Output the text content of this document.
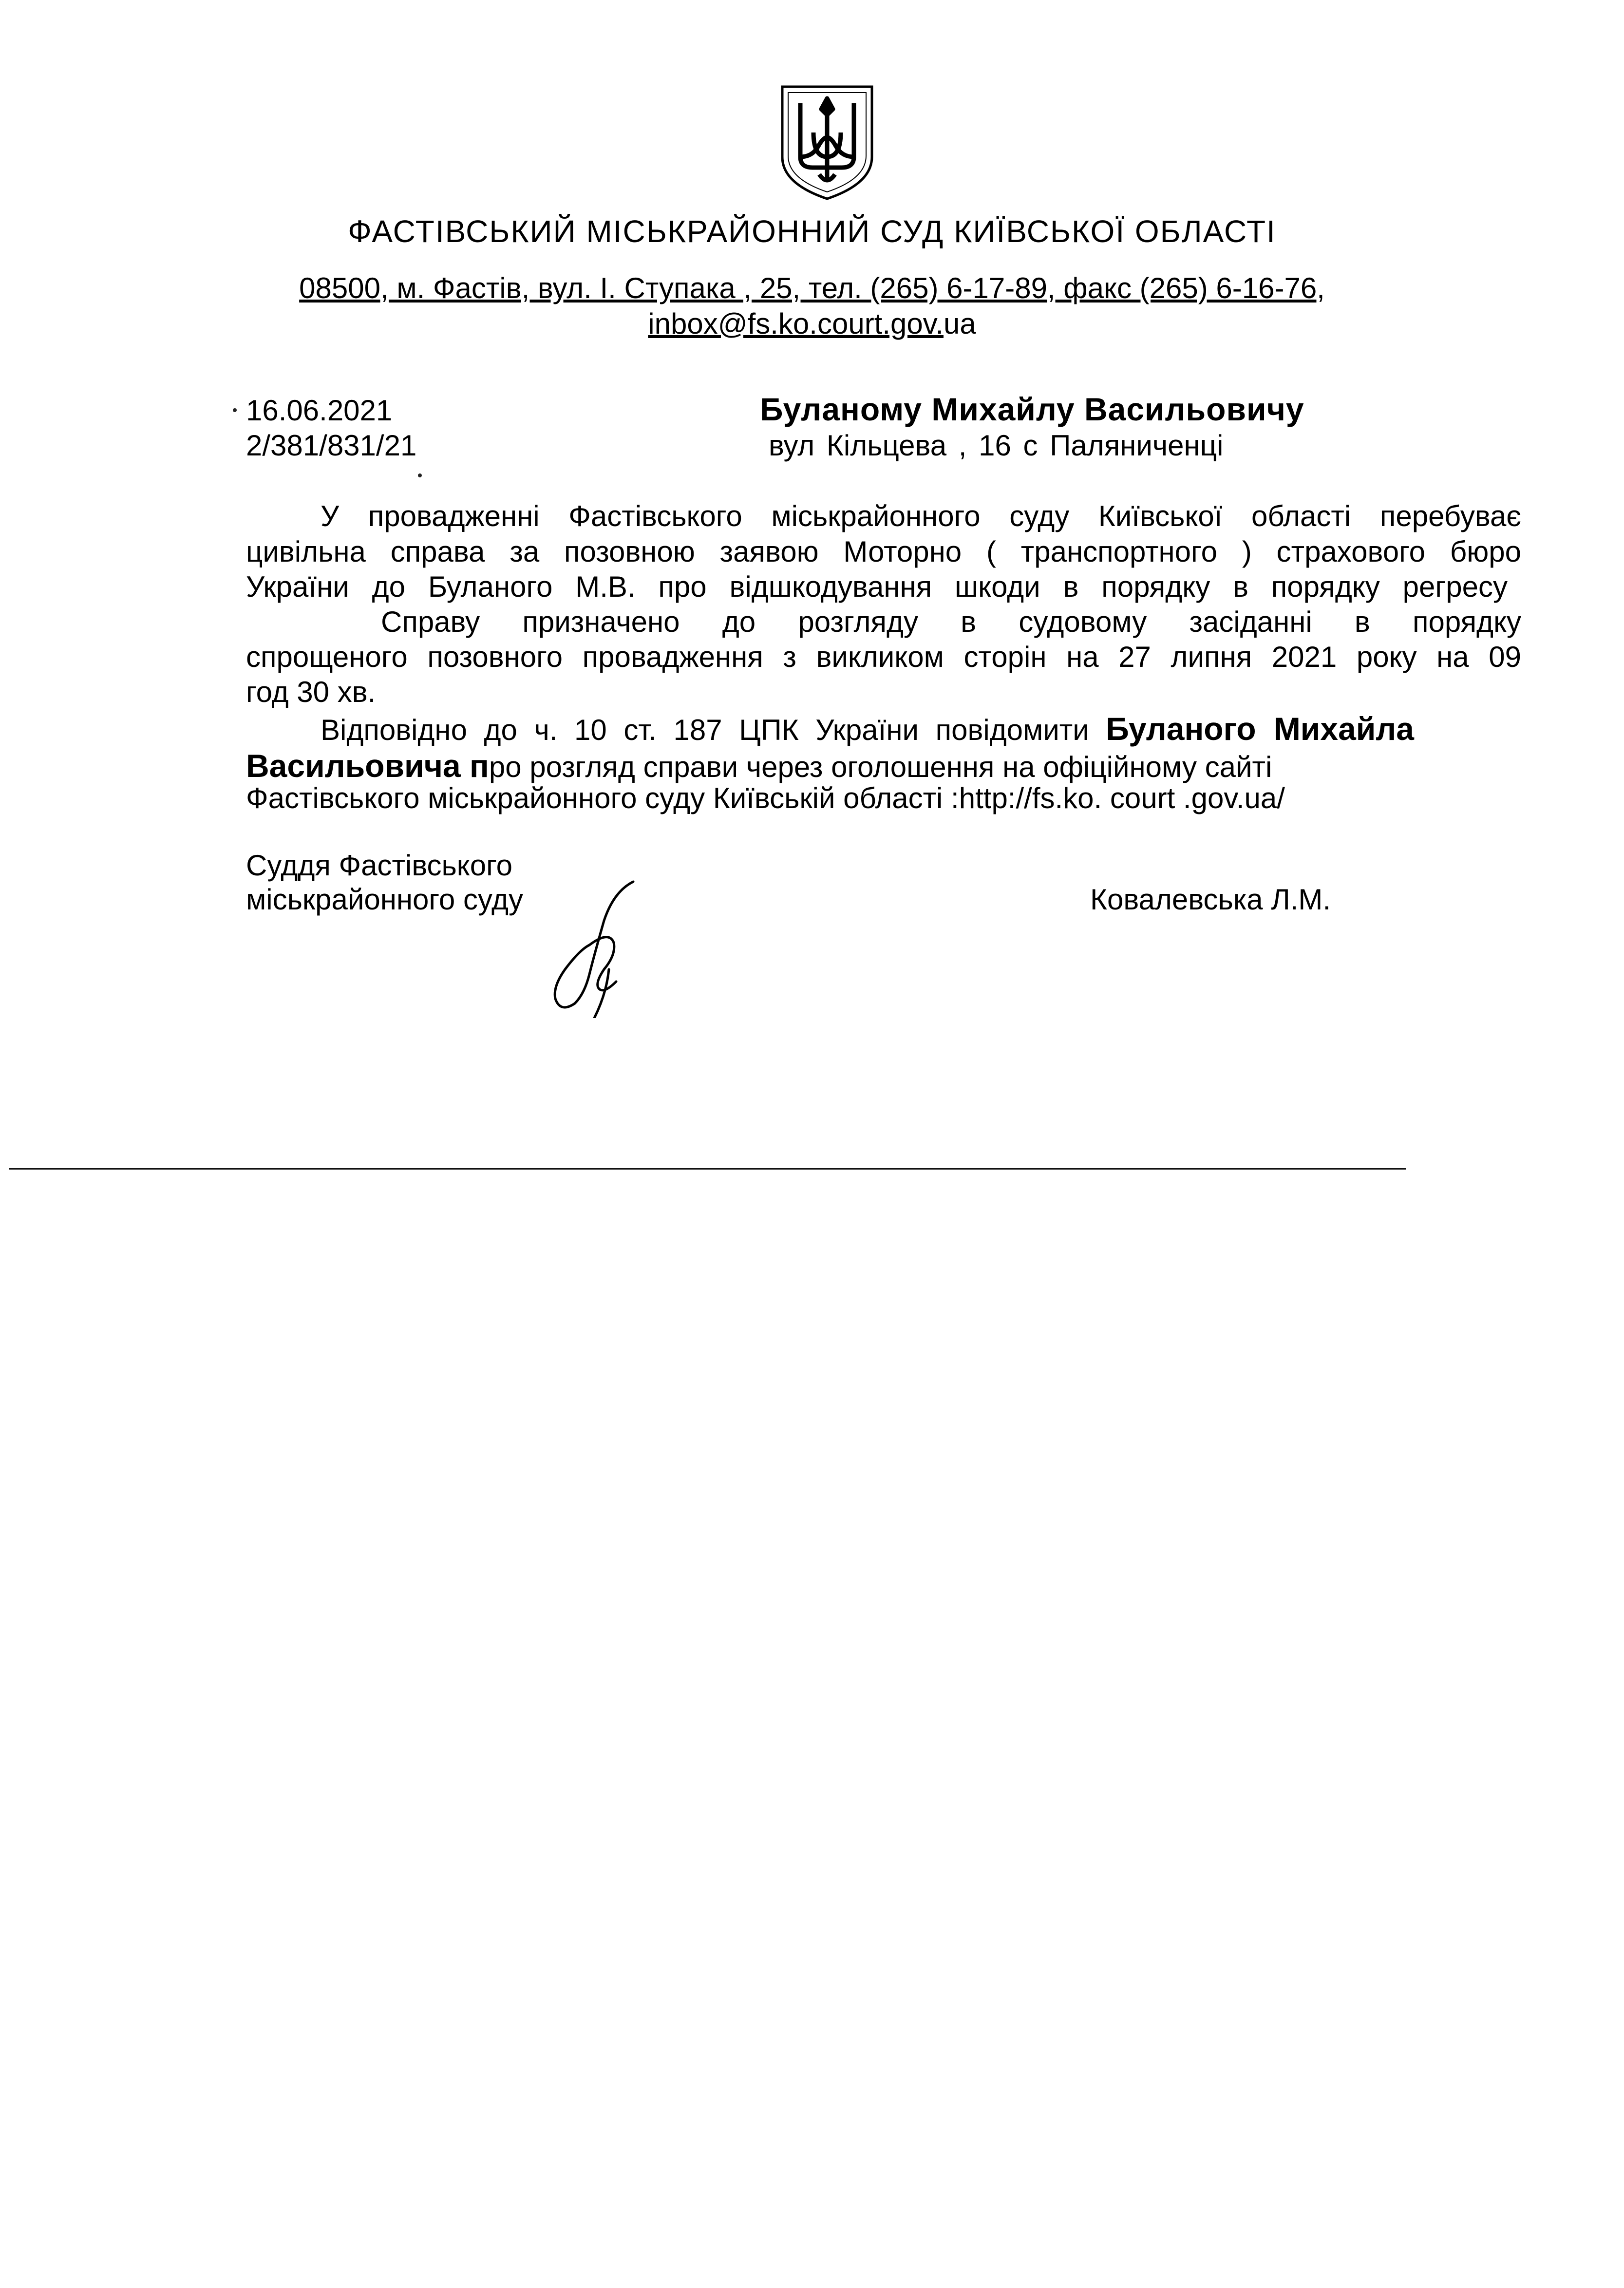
ФАСТІВСЬКИЙ МІСЬКРАЙОННИЙ СУД КИЇВСЬКОЇ ОБЛАСТІ
08500, м. Фастів, вул. І. Ступака , 25, тел. (265) 6-17-89, факс (265) 6-16-76,
inbox@fs.ko.court.gov.ua
16.06.2021
2/381/831/21
Буланому Михайлу Васильовичу
вул Кільцева , 16 с Паляниченці
У провадженні Фастівського міськрайонного суду Київської області перебуває
цивільна справа за позовною заявою Моторно ( транспортного ) страхового бюро
України до Буланого М.В. про відшкодування шкоди в порядку в порядку регресу
Справу призначено до розгляду в судовому засіданні в порядку
спрощеного позовного провадження з викликом сторін на 27 липня 2021 року на 09
год 30 хв.
Відповідно до ч. 10 ст. 187 ЦПК України повідомити Буланого Михайла
Васильовича про розгляд справи через оголошення на офіційному сайті
Фастівського міськрайонного суду Київській області :http://fs.ko. court .gov.ua/
Суддя Фастівського
міськрайонного суду	Ковалевська Л.М.
